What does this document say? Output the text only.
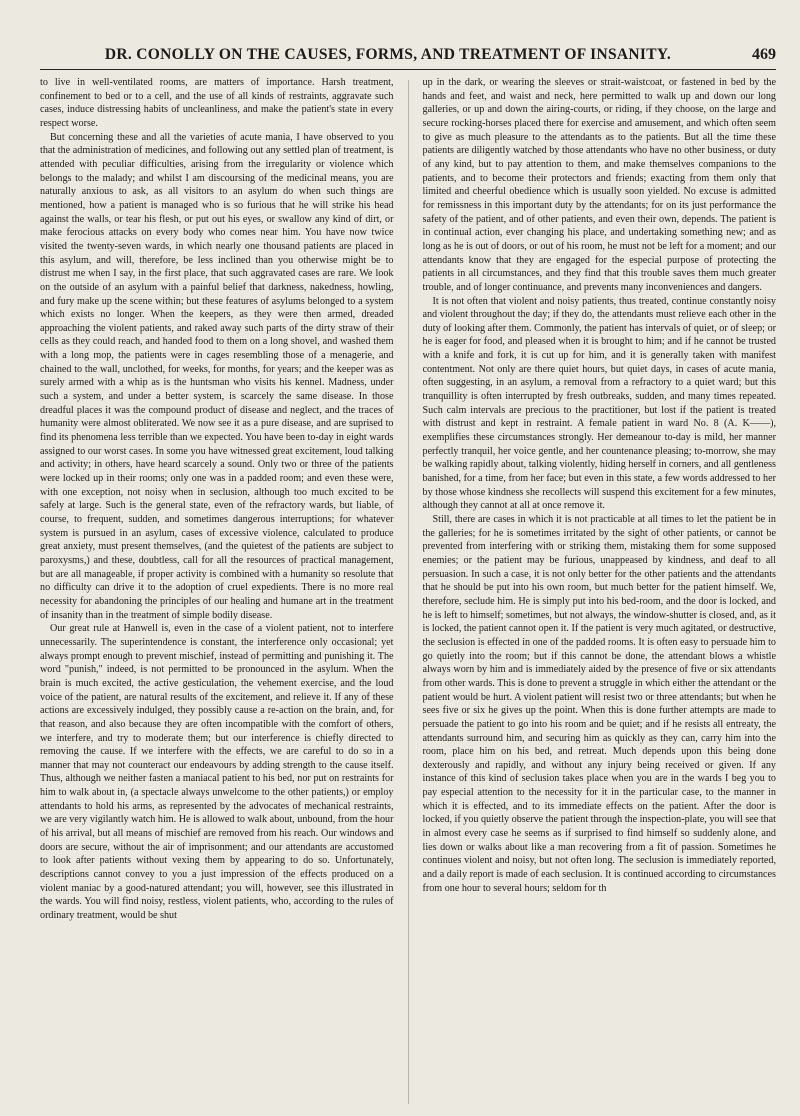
DR. CONOLLY ON THE CAUSES, FORMS, AND TREATMENT OF INSANITY.	469

to live in well-ventilated rooms, are matters of importance. Harsh treatment, confinement to bed or to a cell, and the use of all kinds of restraints, aggravate such cases, induce distressing habits of uncleanliness, and make the patient's state in every respect worse.

But concerning these and all the varieties of acute mania, I have observed to you that the administration of medicines, and following out any settled plan of treatment, is attended with peculiar difficulties, arising from the irregularity or violence which belongs to the malady; and whilst I am discoursing of the medicinal means, you are naturally anxious to ask, as all visitors to an asylum do when such things are mentioned, how a patient is managed who is so furious that he will strike his head against the walls, or tear his flesh, or put out his eyes, or swallow any kind of dirt, or make ferocious attacks on every body who comes near him. You have now twice visited the twenty-seven wards, in which nearly one thousand patients are placed in this asylum, and will, therefore, be less inclined than you otherwise might be to distrust me when I say, in the first place, that such aggravated cases are rare. We look on the outside of an asylum with a painful belief that darkness, nakedness, howling, and fury make up the scene within; but these features of asylums belonged to a system which exists no longer. When the keepers, as they were then armed, dreaded approaching the violent patients, and raked away such parts of the dirty straw of their cells as they could reach, and handed food to them on a long shovel, and washed them with a long mop, the patients were in cages resembling those of a menagerie, and chained to the wall, unclothed, for weeks, for months, for years; and the keeper was as surely armed with a whip as is the huntsman who visits his kennel. Madness, under such a system, and under a better system, is scarcely the same disease. In those dreadful places it was the compound product of disease and neglect, and the traces of humanity were almost obliterated. We now see it as a pure disease, and are suprised to find its phenomena less terrible than we expected. You have been to-day in eight wards assigned to our worst cases. In some you have witnessed great excitement, loud talking and activity; in others, have heard scarcely a sound. Only two or three of the patients were locked up in their rooms; only one was in a padded room; and even these were, with one exception, not noisy when in seclusion, although too much excited to be safely at large. Such is the general state, even of the refractory wards, but liable, of course, to frequent, sudden, and sometimes dangerous interruptions; for whatever system is pursued in an asylum, cases of excessive violence, calculated to produce great anxiety, must present themselves, (and the quietest of the patients are subject to paroxysms,) and these, doubtless, call for all the resources of practical management, but are all manageable, if proper activity is combined with a humanity so resolute that no difficulty can drive it to the adoption of cruel expedients. There is no more real necessity for abandoning the principles of our healing and humane art in the treatment of insanity than in the treatment of simple bodily disease.

Our great rule at Hanwell is, even in the case of a violent patient, not to interfere unnecessarily. The superintendence is constant, the interference only occasional; yet always prompt enough to prevent mischief, instead of permitting and punishing it. The word "punish," indeed, is not permitted to be pronounced in the asylum. When the brain is much excited, the active gesticulation, the vehement exercise, and the loud voice of the patient, are natural results of the excitement, and relieve it. If any of these actions are excessively indulged, they possibly cause a re-action on the brain, and, for that reason, and also because they are often incompatible with the comfort of others, we interfere, and try to moderate them; but our interference is chiefly directed to removing the cause. If we interfere with the effects, we are careful to do so in a manner that may not counteract our endeavours by adding strength to the cause itself. Thus, although we neither fasten a maniacal patient to his bed, nor put on restraints for him to walk about in, (a spectacle always unwelcome to the other patients,) or employ attendants to hold his arms, as represented by the advocates of mechanical restraints, we are very vigilantly watch him. He is allowed to walk about, unbound, from the hour of his arrival, but all means of mischief are removed from his reach. Our windows and doors are secure, without the air of imprisonment; and our attendants are accustomed to look after patients without vexing them by appearing to do so. Unfortunately, descriptions cannot convey to you a just impression of the effects produced on a violent maniac by a good-natured attendant; you will, however, see this illustrated in the wards. You will find noisy, restless, violent patients, who, according to the rules of ordinary treatment, would be shut

up in the dark, or wearing the sleeves or strait-waistcoat, or fastened in bed by the hands and feet, and waist and neck, here permitted to walk up and down our long galleries, or up and down the airing-courts, or riding, if they choose, on the large and secure rocking-horses placed there for exercise and amusement, and which often seem to give as much pleasure to the attendants as to the patients. But all the time these patients are diligently watched by those attendants who have no other business, or duty of any kind, but to pay attention to them, and make themselves companions to the patients, and to become their protectors and friends; exacting from them only that limited and cheerful obedience which is usually soon yielded. No excuse is admitted for remissness in this important duty by the attendants; for on its just performance the safety of the patient, and of other patients, and even their own, depends. The patient is in continual action, ever changing his place, and undertaking something new; and as long as he is out of doors, or out of his room, he must not be left for a moment; and our attendants know that they are engaged for the especial purpose of protecting the patients in all circumstances, and they find that this trouble saves them much greater trouble, and of longer continuance, and prevents many inconveniences and dangers.

It is not often that violent and noisy patients, thus treated, continue constantly noisy and violent throughout the day; if they do, the attendants must relieve each other in the duty of looking after them. Commonly, the patient has intervals of quiet, or of sleep; or he is eager for food, and pleased when it is brought to him; and if he cannot be trusted with a knife and fork, it is cut up for him, and it is generally taken with manifest contentment. Not only are there quiet hours, but quiet days, in cases of acute mania, often suggesting, in an asylum, a removal from a refractory to a quiet ward; but this tranquillity is often interrupted by fresh outbreaks, sudden, and many times repeated. Such calm intervals are precious to the practitioner, but lost if the patient is treated with distrust and kept in restraint. A female patient in ward No. 8 (A. K——), exemplifies these circumstances strongly. Her demeanour to-day is mild, her manner perfectly tranquil, her voice gentle, and her countenance pleasing; to-morrow, she may be walking rapidly about, talking violently, hiding herself in corners, and all gentleness banished, for a time, from her face; but even in this state, a few words addressed to her by those whose kindness she recollects will suspend this excitement for a few minutes, although they cannot at all at once remove it.

Still, there are cases in which it is not practicable at all times to let the patient be in the galleries; for he is sometimes irritated by the sight of other patients, or cannot be prevented from interfering with or striking them, mistaking them for some supposed enemies; or the patient may be furious, unappeased by kindness, and deaf to all persuasion. In such a case, it is not only better for the other patients and the attendants that he should be put into his own room, but much better for the patient himself. We, therefore, seclude him. He is simply put into his bed-room, and the door is locked, and he is left to himself; sometimes, but not always, the window-shutter is closed, and, as it is locked, the patient cannot open it. If the patient is very much agitated, or destructive, the seclusion is effected in one of the padded rooms. It is often easy to persuade him to go quietly into the room; but if this cannot be done, the attendant blows a whistle always worn by him and is immediately aided by the presence of five or six attendants from other wards. This is done to prevent a struggle in which either the attendant or the patient would be hurt. A violent patient will resist two or three attendants; but when he sees five or six he gives up the point. When this is done further attempts are made to persuade the patient to go into his room and be quiet; and if he resists all entreaty, the attendants surround him, and securing him as quickly as they can, carry him into the room, place him on his bed, and retreat. Much depends upon this being done dexterously and rapidly, and without any injury being received or given. If any instance of this kind of seclusion takes place when you are in the wards I beg you to pay especial attention to the necessity for it in the particular case, to the manner in which it is effected, and to its immediate effects on the patient. After the door is locked, if you quietly observe the patient through the inspection-plate, you will see that in almost every case he seems as if surprised to find himself so suddenly alone, and lies down or walks about like a man recovering from a fit of passion. Sometimes he continues violent and noisy, but not often long. The seclusion is immediately reported, and a daily report is made of each seclusion. It is continued according to circumstances from one hour to several hours; seldom for th
